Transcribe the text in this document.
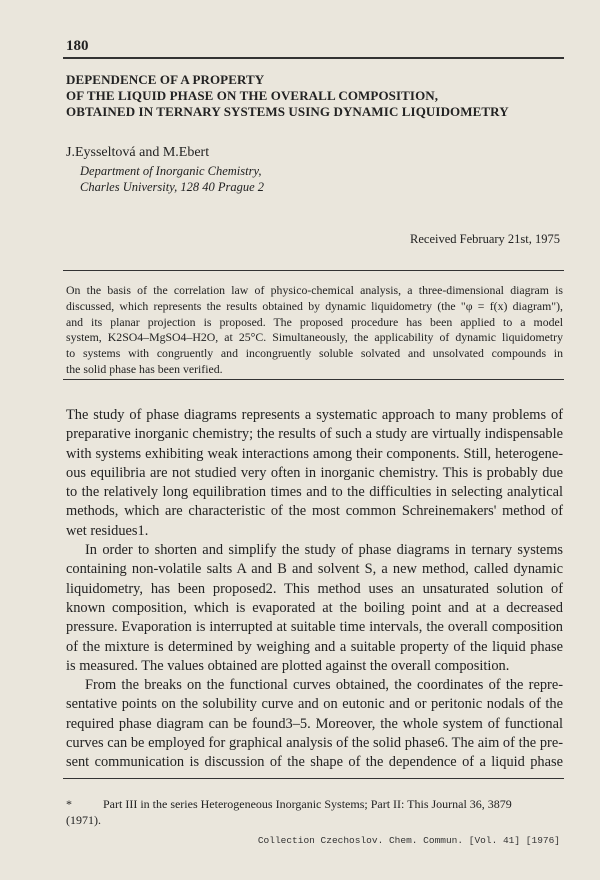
180
DEPENDENCE OF A PROPERTY
OF THE LIQUID PHASE ON THE OVERALL COMPOSITION,
OBTAINED IN TERNARY SYSTEMS USING DYNAMIC LIQUIDOMETRY
J.Eysseltová and M.Ebert
Department of Inorganic Chemistry,
Charles University, 128 40 Prague 2
Received February 21st, 1975
On the basis of the correlation law of physico-chemical analysis, a three-dimensional diagram is
discussed, which represents the results obtained by dynamic liquidometry (the "φ = f(x) diagram"),
and its planar projection is proposed. The proposed procedure has been applied to a model
system, K2SO4–MgSO4–H2O, at 25°C. Simultaneously, the applicability of dynamic liquidometry
to systems with congruently and incongruently soluble solvated and unsolvated compounds in
the solid phase has been verified.
The study of phase diagrams represents a systematic approach to many problems of
preparative inorganic chemistry; the results of such a study are virtually indispensable
with systems exhibiting weak interactions among their components. Still, heterogene-
ous equilibria are not studied very often in inorganic chemistry. This is probably due
to the relatively long equilibration times and to the difficulties in selecting analytical
methods, which are characteristic of the most common Schreinemakers' method of
wet residues1.
In order to shorten and simplify the study of phase diagrams in ternary systems
containing non-volatile salts A and B and solvent S, a new method, called dynamic
liquidometry, has been proposed2. This method uses an unsaturated solution of
known composition, which is evaporated at the boiling point and at a decreased
pressure. Evaporation is interrupted at suitable time intervals, the overall composition
of the mixture is determined by weighing and a suitable property of the liquid phase
is measured. The values obtained are plotted against the overall composition.
From the breaks on the functional curves obtained, the coordinates of the repre-
sentative points on the solubility curve and on eutonic and or peritonic nodals of the
required phase diagram can be found3–5. Moreover, the whole system of functional
curves can be employed for graphical analysis of the solid phase6. The aim of the pre-
sent communication is discussion of the shape of the dependence of a liquid phase
*	Part III in the series Heterogeneous Inorganic Systems; Part II: This Journal 36, 3879
(1971).
Collection Czechoslov. Chem. Commun. [Vol. 41] [1976]
